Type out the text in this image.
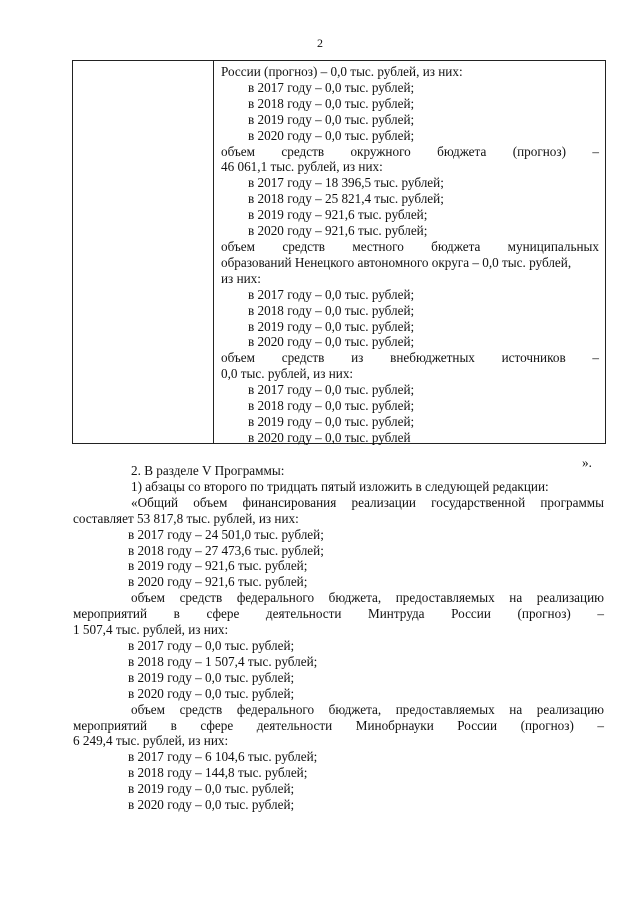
2
России (прогноз) – 0,0 тыс. рублей, из них:
в 2017 году – 0,0 тыс. рублей;
в 2018 году – 0,0 тыс. рублей;
в 2019 году – 0,0 тыс. рублей;
в 2020 году – 0,0 тыс. рублей;
объем средств окружного бюджета (прогноз) –
46 061,1 тыс. рублей, из них:
в 2017 году – 18 396,5 тыс. рублей;
в 2018 году – 25 821,4 тыс. рублей;
в 2019 году – 921,6 тыс. рублей;
в 2020 году – 921,6 тыс. рублей;
объем средств местного бюджета муниципальных
образований Ненецкого автономного округа – 0,0 тыс. рублей,
из них:
в 2017 году – 0,0 тыс. рублей;
в 2018 году – 0,0 тыс. рублей;
в 2019 году – 0,0 тыс. рублей;
в 2020 году – 0,0 тыс. рублей;
объем средств из внебюджетных источников –
0,0 тыс. рублей, из них:
в 2017 году – 0,0 тыс. рублей;
в 2018 году – 0,0 тыс. рублей;
в 2019 году – 0,0 тыс. рублей;
в 2020 году – 0,0 тыс. рублей
».
2. В разделе V Программы:
1) абзацы со второго по тридцать пятый изложить в следующей редакции:
«Общий объем финансирования реализации государственной программы
составляет 53 817,8 тыс. рублей, из них:
в 2017 году – 24 501,0 тыс. рублей;
в 2018 году – 27 473,6 тыс. рублей;
в 2019 году – 921,6 тыс. рублей;
в 2020 году – 921,6 тыс. рублей;
объем средств федерального бюджета, предоставляемых на реализацию
мероприятий в сфере деятельности Минтруда России (прогноз) –
1 507,4 тыс. рублей, из них:
в 2017 году – 0,0 тыс. рублей;
в 2018 году – 1 507,4 тыс. рублей;
в 2019 году – 0,0 тыс. рублей;
в 2020 году – 0,0 тыс. рублей;
объем средств федерального бюджета, предоставляемых на реализацию
мероприятий в сфере деятельности Минобрнауки России (прогноз) –
6 249,4 тыс. рублей, из них:
в 2017 году – 6 104,6 тыс. рублей;
в 2018 году – 144,8 тыс. рублей;
в 2019 году – 0,0 тыс. рублей;
в 2020 году – 0,0 тыс. рублей;
